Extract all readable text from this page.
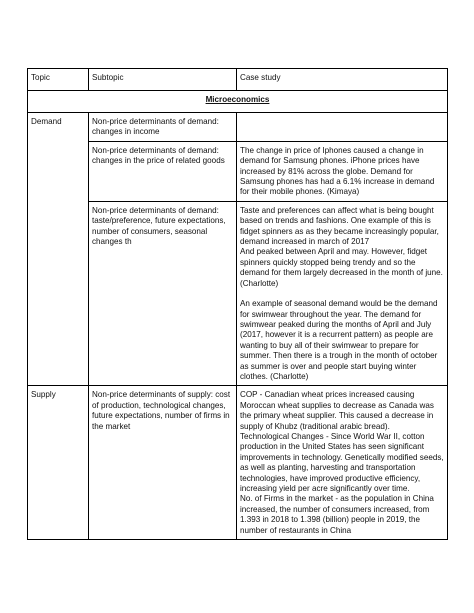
Topic	Subtopic	Case study
Microeconomics		
Demand	Non-price determinants of demand: changes in income	
	Non-price determinants of demand: changes in the price of related goods	The change in price of Iphones caused a change in demand for Samsung phones. iPhone prices have increased by 81% across the globe. Demand for Samsung phones has had a 6.1% increase in demand for their mobile phones. (Kimaya)
	Non-price determinants of demand: taste/preference, future expectations, number of consumers, seasonal changes th	Taste and preferences can affect what is being bought based on trends and fashions. One example of this is fidget spinners as as they became increasingly popular, demand increased in march of 2017
And peaked between April and may. However, fidget spinners quickly stopped being trendy and so the demand for them largely decreased in the month of june.
(Charlotte)
An example of seasonal demand would be the demand for swimwear throughout the year. The demand for swimwear peaked during the months of April and July (2017, however it is a recurrent pattern) as people are wanting to buy all of their swimwear to prepare for summer. Then there is a trough in the month of october as summer is over and people start buying winter clothes. (Charlotte)

Supply	Non-price determinants of supply: cost of production, technological changes, future expectations, number of firms in the market	COP - Canadian wheat prices increased causing Moroccan wheat supplies to decrease as Canada was the primary wheat supplier. This caused a decrease in supply of Khubz (traditional arabic bread).
Technological Changes - Since World War II, cotton production in the United States has seen significant improvements in technology. Genetically modified seeds, as well as planting, harvesting and transportation technologies, have improved productive efficiency, increasing yield per acre significantly over time.
No. of Firms in the market - as the population in China increased, the number of consumers increased, from 1.393 in 2018 to 1.398 (billion) people in 2019, the number of restaurants in China
